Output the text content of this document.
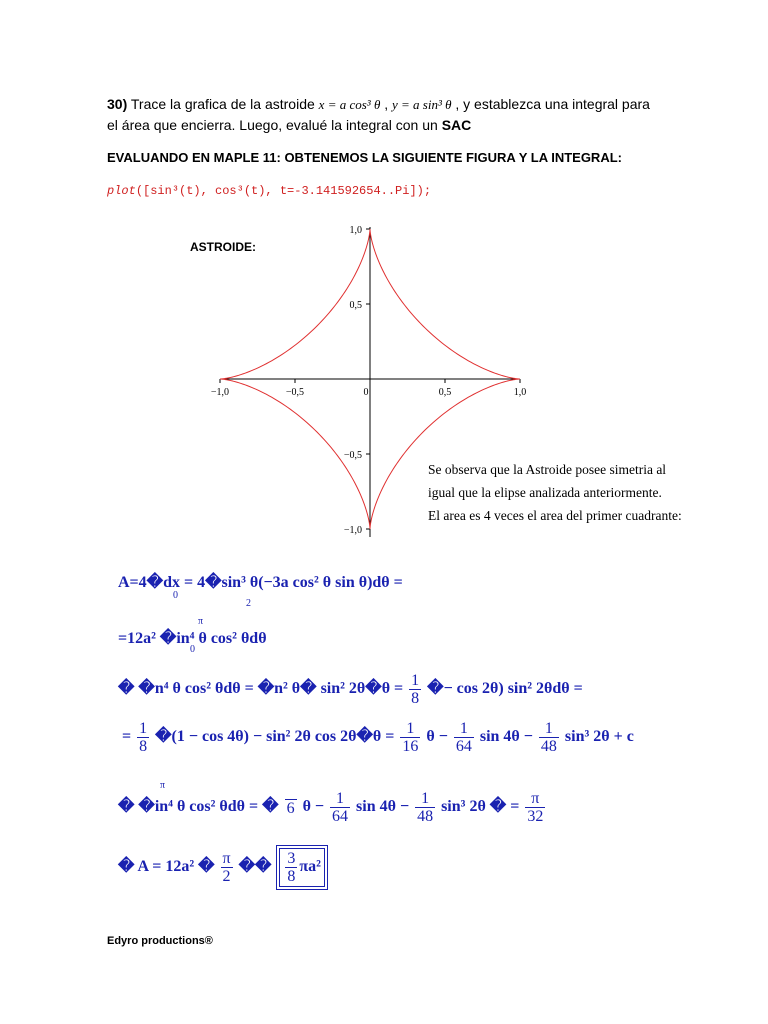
30) Trace la grafica de la astroide x = a cos³ θ , y = a sin³ θ , y establezca una integral para
el área que encierra. Luego, evalué la integral con un SAC
EVALUANDO EN MAPLE 11: OBTENEMOS LA SIGUIENTE FIGURA Y LA INTEGRAL:
plot([sin³(t), cos³(t), t=-3.141592654..Pi]);
ASTROIDE:
−1,0	−0,5	0	0,5	1,0
1,0
0,5
−0,5
−1,0
Se observa que la Astroide posee simetria al
igual que la elipse analizada anteriormente.
El area es 4 veces el area del primer cuadrante:
A=4�dx = 4�sin³ θ(−3a cos² θ sin θ)dθ =
0
2
=12a² �in⁴ θ cos² θdθ
π
0
� �n⁴ θ cos² θdθ = �n² θ� sin² 2θ�θ = $\frac{1}{8}$ �− cos 2θ) sin² 2θdθ =
= $\frac{1}{8}$ �(1 − cos 4θ) − sin² 2θ cos 2θ�θ = $\frac{1}{16}$ $\theta - \frac{1}{64}$ $\sin 4\theta - \frac{1}{48} \sin^3$ 2θ + c
� �in⁴ θ cos² θdθ = � 6 $\theta - \frac{1}{64}$ $\sin 4\theta - \frac{1}{48} \sin^3$ 2θ � = $\frac{\pi}{32}$
π
� A = 12a² � $\frac{\pi}{2}$ �� $\frac{3}{8} \pi a^2$
Edyro productions®
